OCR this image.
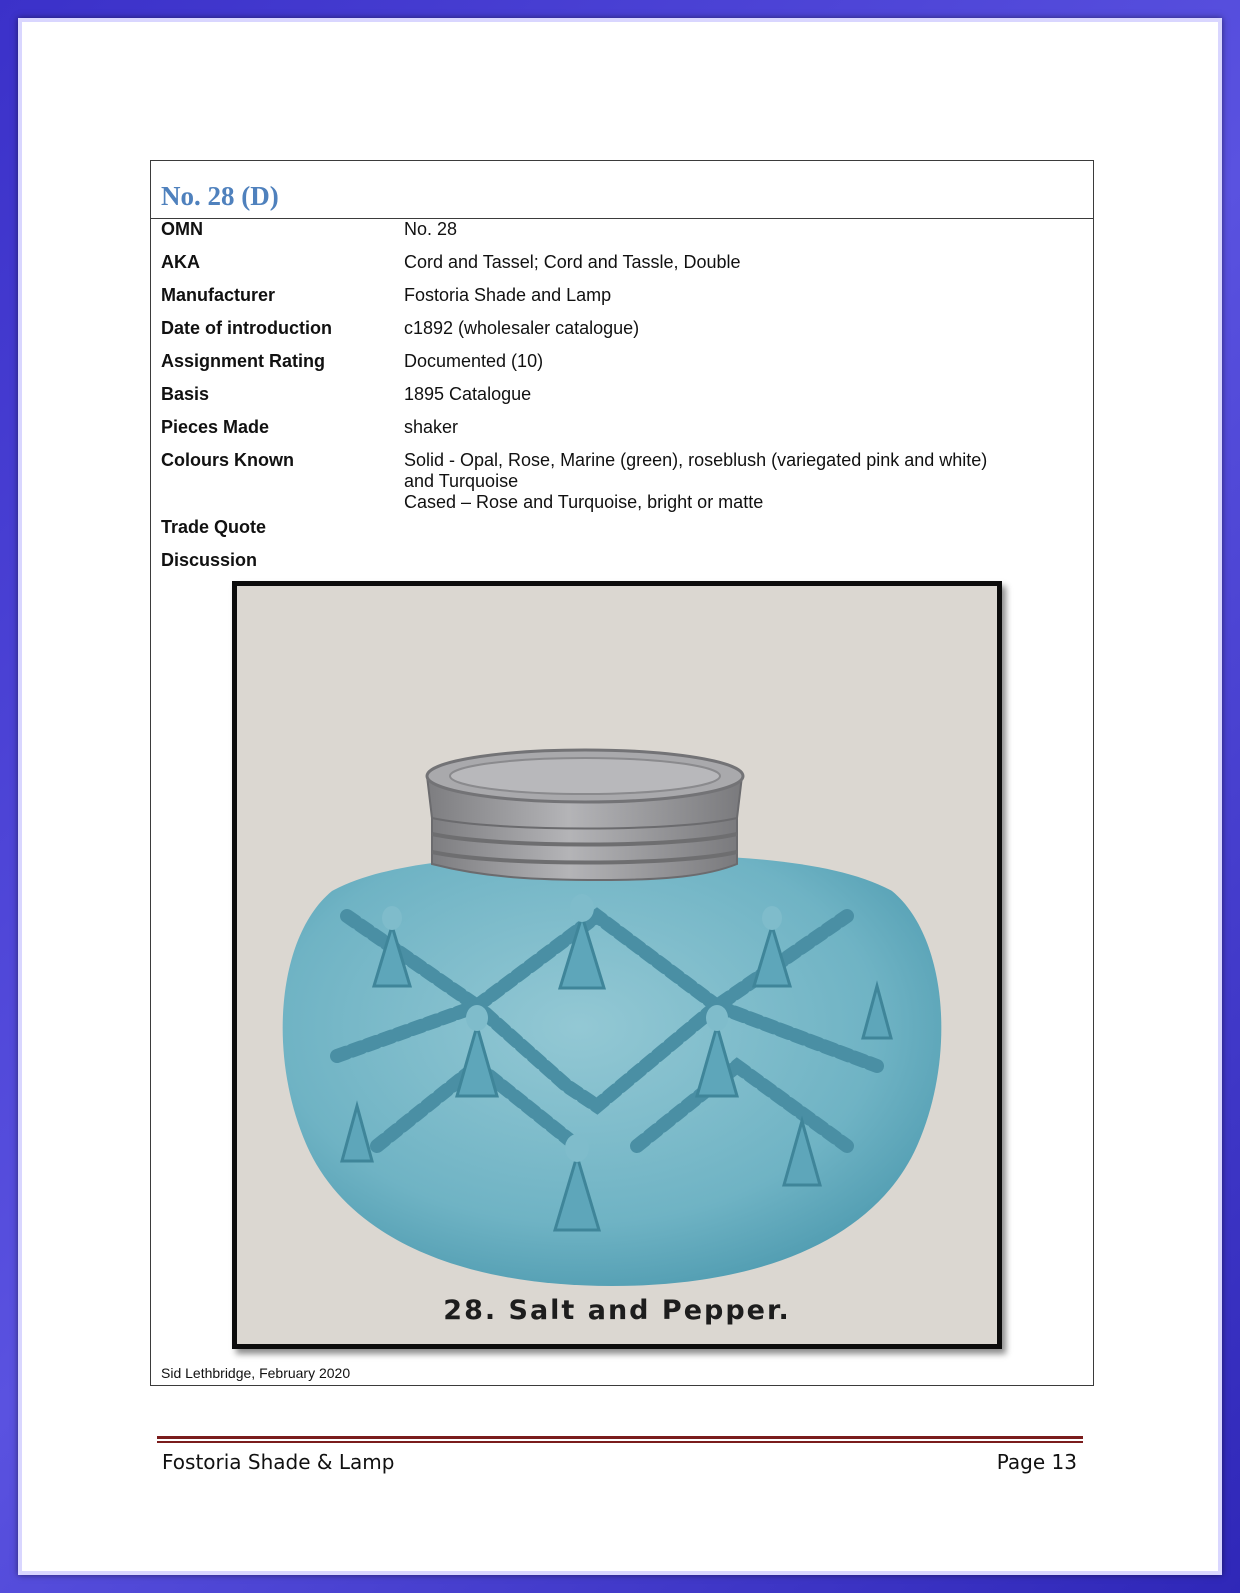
No. 28 (D)
OMN	No. 28
AKA	Cord and Tassel; Cord and Tassle, Double
Manufacturer	Fostoria Shade and Lamp
Date of introduction	c1892 (wholesaler catalogue)
Assignment Rating	Documented (10)
Basis	1895 Catalogue
Pieces Made	shaker
Colours Known	Solid - Opal, Rose, Marine (green), roseblush (variegated pink and white)
and Turquoise
Cased – Rose and Turquoise, bright or matte
Trade Quote
Discussion
28. Salt and Pepper.
Sid Lethbridge, February 2020
Fostoria Shade & Lamp	Page 13
